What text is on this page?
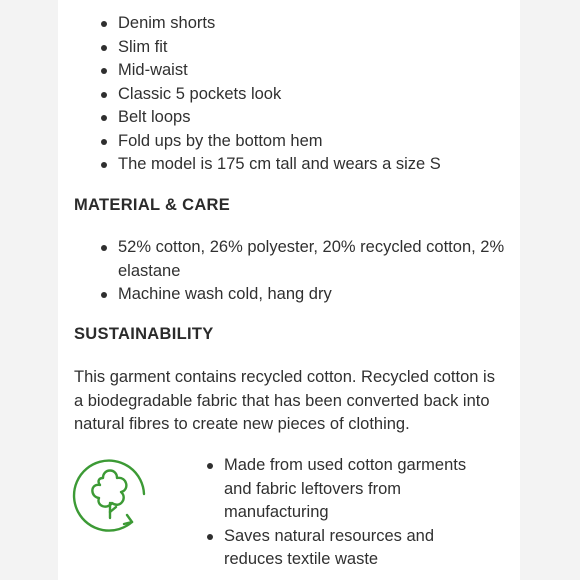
Denim shorts
Slim fit
Mid-waist
Classic 5 pockets look
Belt loops
Fold ups by the bottom hem
The model is 175 cm tall and wears a size S
MATERIAL & CARE
52% cotton, 26% polyester, 20% recycled cotton, 2% elastane
Machine wash cold, hang dry
SUSTAINABILITY
This garment contains recycled cotton. Recycled cotton is a biodegradable fabric that has been converted back into natural fibres to create new pieces of clothing.
Made from used cotton garments and fabric leftovers from manufacturing
Saves natural resources and reduces textile waste
